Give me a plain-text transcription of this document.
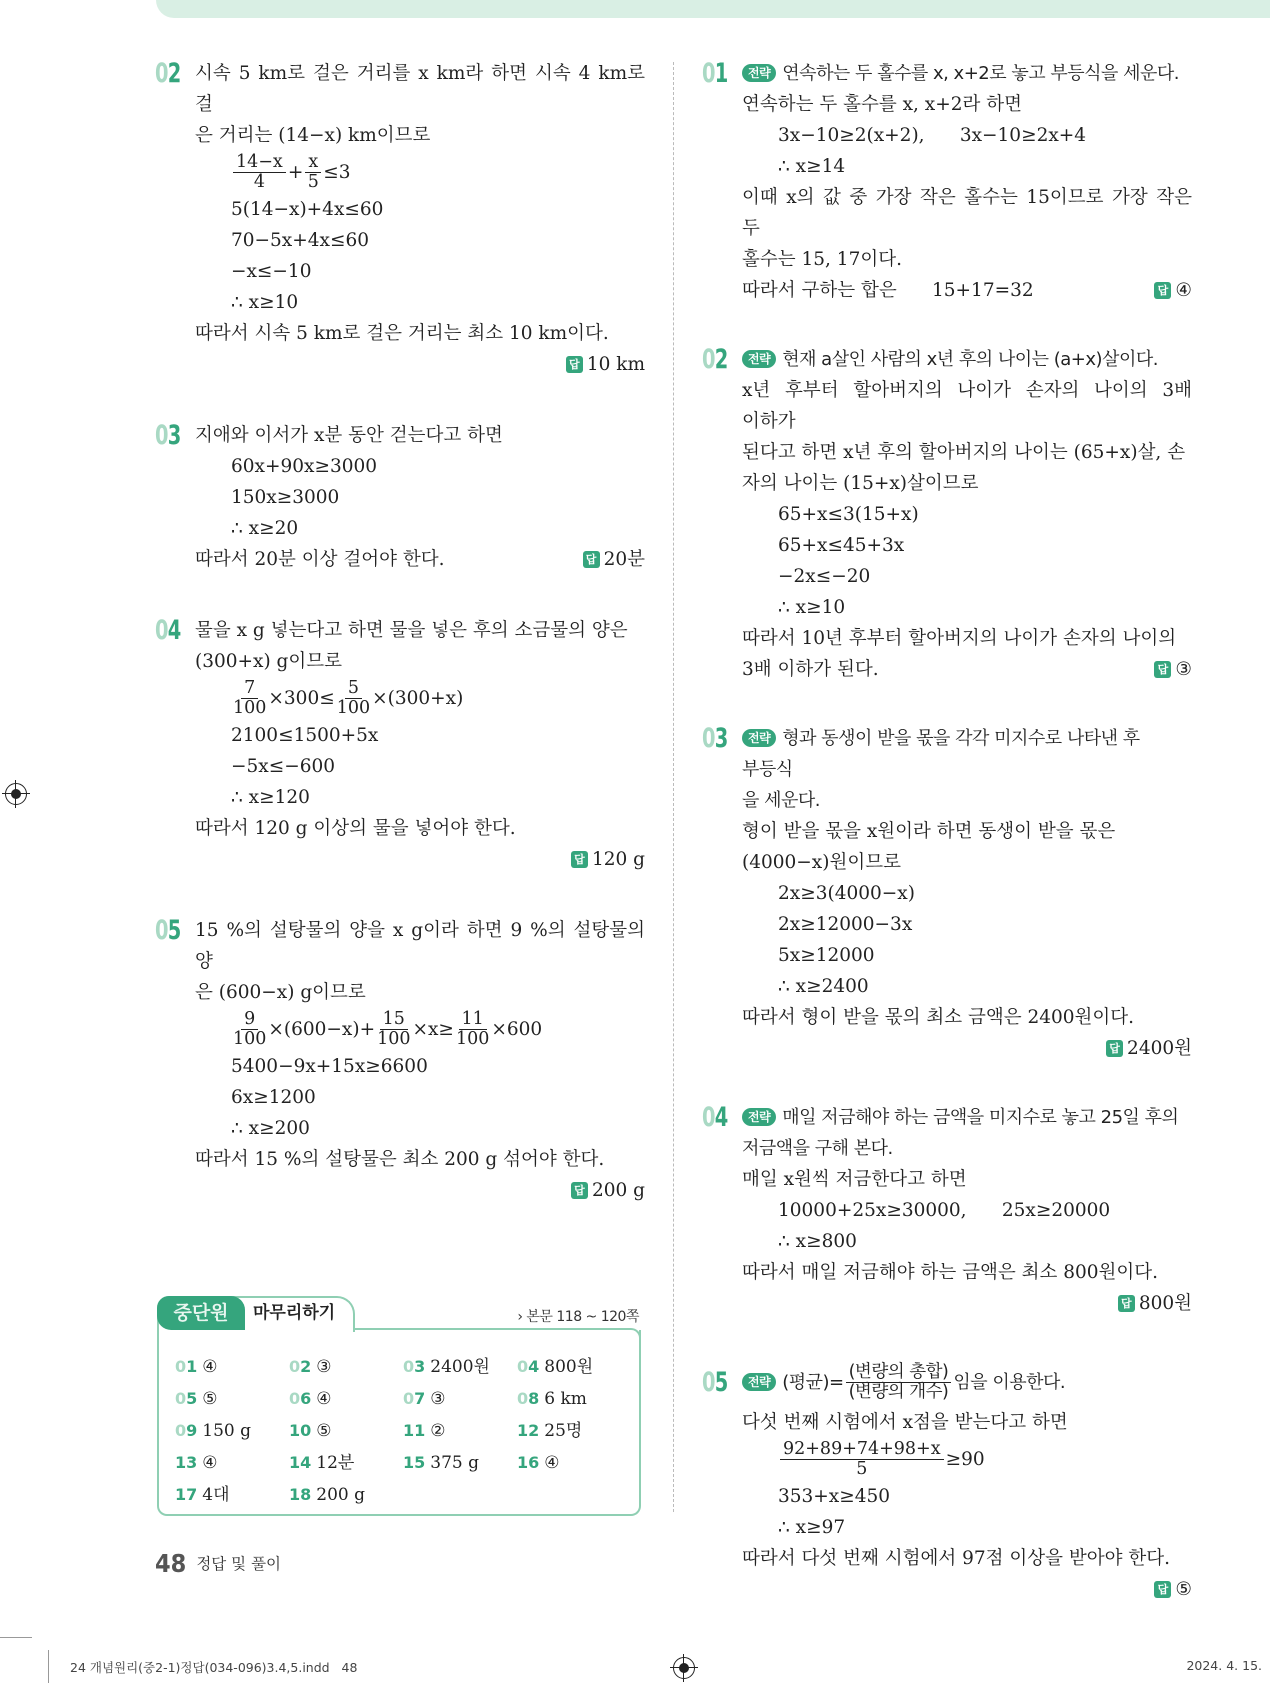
02 시속 5 km로 걸은 거리를 x km라 하면 시속 4 km로 걸
은 거리는 (14−x) km이므로
$\frac{14-x}{4} + \frac{x}{5} \le 3$
5(14−x)+4x≤60
70−5x+4x≤60
−x≤−10
∴ x≥10
따라서 시속 5 km로 걸은 거리는 최소 10 km이다.
답 10 km
03 지애와 이서가 x분 동안 걷는다고 하면
60x+90x≥3000
150x≥3000
∴ x≥20
답 20분
따라서 20분 이상 걸어야 한다.
04 물을 x g 넣는다고 하면 물을 넣은 후의 소금물의 양은
(300+x) g이므로
$\frac{7}{100} \times 300\le \frac{5}{100} \times(300+x)$
2100≤1500+5x
−5x≤−600
∴ x≥120
따라서 120 g 이상의 물을 넣어야 한다.
답 120 g
05 15 %의 설탕물의 양을 x g이라 하면 9 %의 설탕물의 양
은 (600−x) g이므로
$\frac{9}{100} \times(600-x)+ \frac{15}{100} \times x\ge \frac{11}{100} \times 600$
5400−9x+15x≥6600
6x≥1200
∴ x≥200
따라서 15 %의 설탕물은 최소 200 g 섞어야 한다.
답 200 g
중단원	마무리하기	› 본문 118 ~ 120쪽
01 ④	02 ③	03 2400원	04 800원
05 ⑤	06 ④	07 ③	08 6 km
09 150 g	10 ⑤	11 ②	12 25명
13 ④	14 12분	15 375 g	16 ④
17 4대	18 200 g
48 정답 및 풀이
01	전략 연속하는 두 홀수를 x, x+2로 놓고 부등식을 세운다.
연속하는 두 홀수를 x, x+2라 하면
3x−10≥2(x+2),      3x−10≥2x+4
∴ x≥14
이때 x의 값 중 가장 작은 홀수는 15이므로 가장 작은 두
홀수는 15, 17이다.
답 ④
따라서 구하는 합은      15+17=32
02	전략 현재 a살인 사람의 x년 후의 나이는 (a+x)살이다.
x년 후부터 할아버지의 나이가 손자의 나이의 3배 이하가
된다고 하면 x년 후의 할아버지의 나이는 (65+x)살, 손
자의 나이는 (15+x)살이므로
65+x≤3(15+x)
65+x≤45+3x
−2x≤−20
∴ x≥10
따라서 10년 후부터 할아버지의 나이가 손자의 나이의
답 ③
3배 이하가 된다.
03	전략 형과 동생이 받을 몫을 각각 미지수로 나타낸 후 부등식
을 세운다.
형이 받을 몫을 x원이라 하면 동생이 받을 몫은
(4000−x)원이므로
2x≥3(4000−x)
2x≥12000−3x
5x≥12000
∴ x≥2400
따라서 형이 받을 몫의 최소 금액은 2400원이다.
답 2400원
04	전략 매일 저금해야 하는 금액을 미지수로 놓고 25일 후의
저금액을 구해 본다.
매일 x원씩 저금한다고 하면
10000+25x≥30000,      25x≥20000
∴ x≥800
따라서 매일 저금해야 하는 금액은 최소 800원이다.
답 800원
05	전략 (평균)= $\frac{\text{(변량의 총합)}}{\text{(변량의 개수)}}$ 임을 이용한다.
다섯 번째 시험에서 x점을 받는다고 하면
$\frac{92+89+74+98+x}{5} \ge 90$
353+x≥450
∴ x≥97
따라서 다섯 번째 시험에서 97점 이상을 받아야 한다.
답 ⑤
24 개념원리(중2-1)정답(034-096)3.4,5.indd   48	2024. 4. 15.
